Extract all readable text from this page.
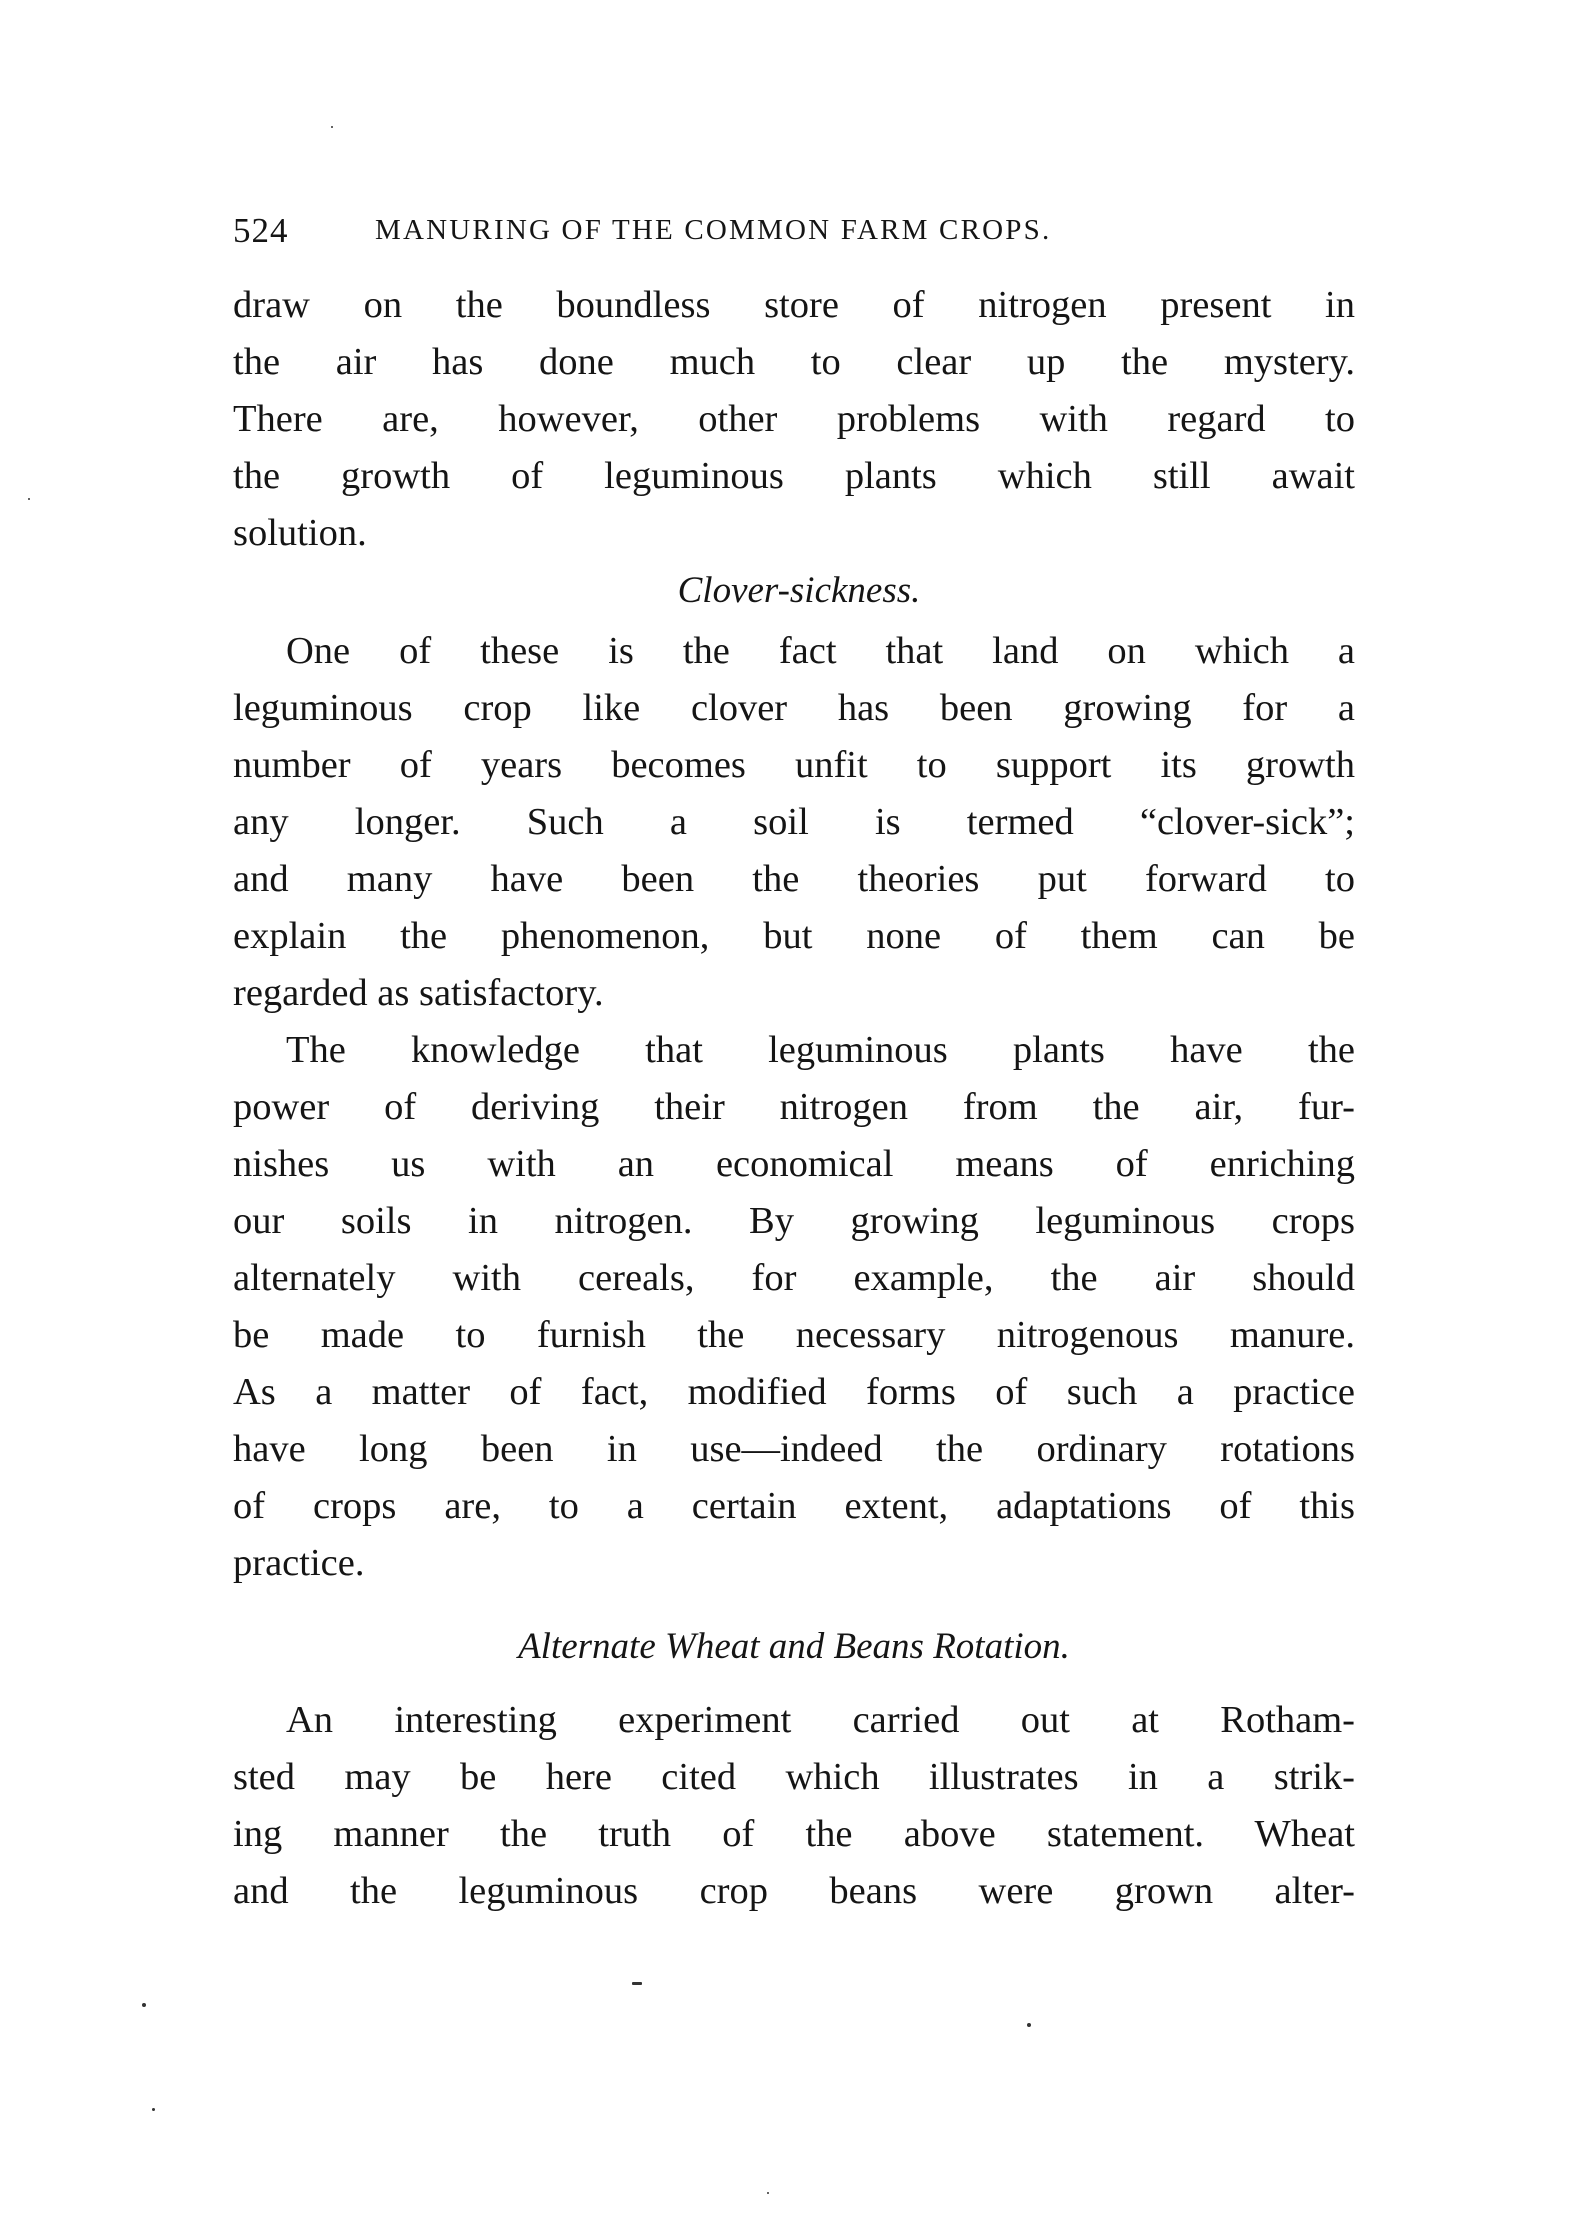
524	MANURING OF THE COMMON FARM CROPS.
draw on the boundless store of nitrogen present in
the air has done much to clear up the mystery.
There are, however, other problems with regard to
the growth of leguminous plants which still await
solution.
Clover-sickness.
One of these is the fact that land on which a
leguminous crop like clover has been growing for a
number of years becomes unfit to support its growth
any longer. Such a soil is termed “clover-sick”;
and many have been the theories put forward to
explain the phenomenon, but none of them can be
regarded as satisfactory.
The knowledge that leguminous plants have the
power of deriving their nitrogen from the air, fur-
nishes us with an economical means of enriching
our soils in nitrogen. By growing leguminous crops
alternately with cereals, for example, the air should
be made to furnish the necessary nitrogenous manure.
As a matter of fact, modified forms of such a practice
have long been in use—indeed the ordinary rotations
of crops are, to a certain extent, adaptations of this
practice.
Alternate Wheat and Beans Rotation.
An interesting experiment carried out at Rotham-
sted may be here cited which illustrates in a strik-
ing manner the truth of the above statement. Wheat
and the leguminous crop beans were grown alter-
